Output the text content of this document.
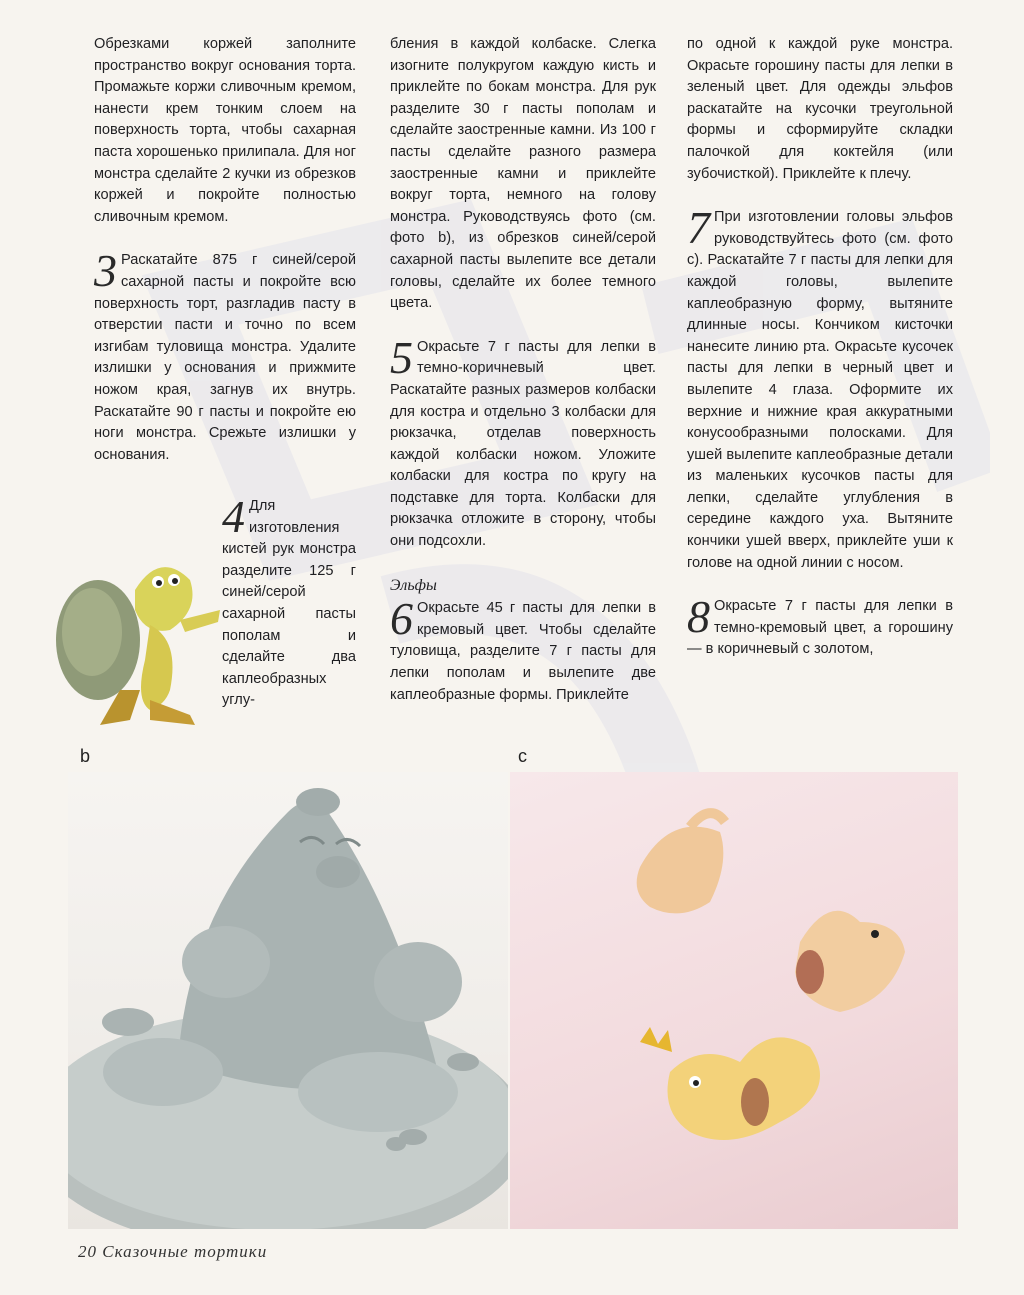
Обрезками коржей заполните пространство вокруг основания торта. Промажьте коржи сливочным кремом, нанести крем тонким слоем на поверхность торта, чтобы сахарная паста хорошенько прилипала. Для ног монстра сделайте 2 кучки из обрезков коржей и покройте полностью сливочным кремом.

3 Раскатайте 875 г синей/серой сахарной пасты и покройте всю поверхность торт, разгладив пасту в отверстии пасти и точно по всем изгибам туловища монстра. Удалите излишки у основания и прижмите ножом края, загнув их внутрь. Раскатайте 90 г пасты и покройте ею ноги монстра. Срежьте излишки у основания.

4 Для изготовления кистей рук монстра разделите 125 г синей/серой сахарной пасты пополам и сделайте два каплеобразных углу-

бления в каждой колбаске. Слегка изогните полукругом каждую кисть и приклейте по бокам монстра. Для рук разделите 30 г пасты пополам и сделайте заостренные камни. Из 100 г пасты сделайте разного размера заостренные камни и приклейте вокруг торта, немного на голову монстра. Руководствуясь фото (см. фото b), из обрезков синей/серой сахарной пасты вылепите все детали головы, сделайте их более темного цвета.

5 Окрасьте 7 г пасты для лепки в темно-коричневый цвет. Раскатайте разных размеров колбаски для костра и отдельно 3 колбаски для рюкзачка, отделав поверхность каждой колбаски ножом. Уложите колбаски для костра по кругу на подставке для торта. Колбаски для рюкзачка отложите в сторону, чтобы они подсохли.

Эльфы

6 Окрасьте 45 г пасты для лепки в кремовый цвет. Чтобы сделайте туловища, разделите 7 г пасты для лепки пополам и вылепите две каплеобразные формы. Приклейте

по одной к каждой руке монстра. Окрасьте горошину пасты для лепки в зеленый цвет. Для одежды эльфов раскатайте на кусочки треугольной формы и сформируйте складки палочкой для коктейля (или зубочисткой). Приклейте к плечу.

7 При изготовлении головы эльфов руководствуйтесь фото (см. фото c). Раскатайте 7 г пасты для лепки для каждой головы, вылепите каплеобразную форму, вытяните длинные носы. Кончиком кисточки нанесите линию рта. Окрасьте кусочек пасты для лепки в черный цвет и вылепите 4 глаза. Оформите их верхние и нижние края аккуратными конусообразными полосками. Для ушей вылепите каплеобразные детали из маленьких кусочков пасты для лепки, сделайте углубления в середине каждого уха. Вытяните кончики ушей вверх, приклейте уши к голове на одной линии с носом.

8 Окрасьте 7 г пасты для лепки в темно-кремовый цвет, а горошину — в коричневый с золотом,

b	c
20 Сказочные тортики
